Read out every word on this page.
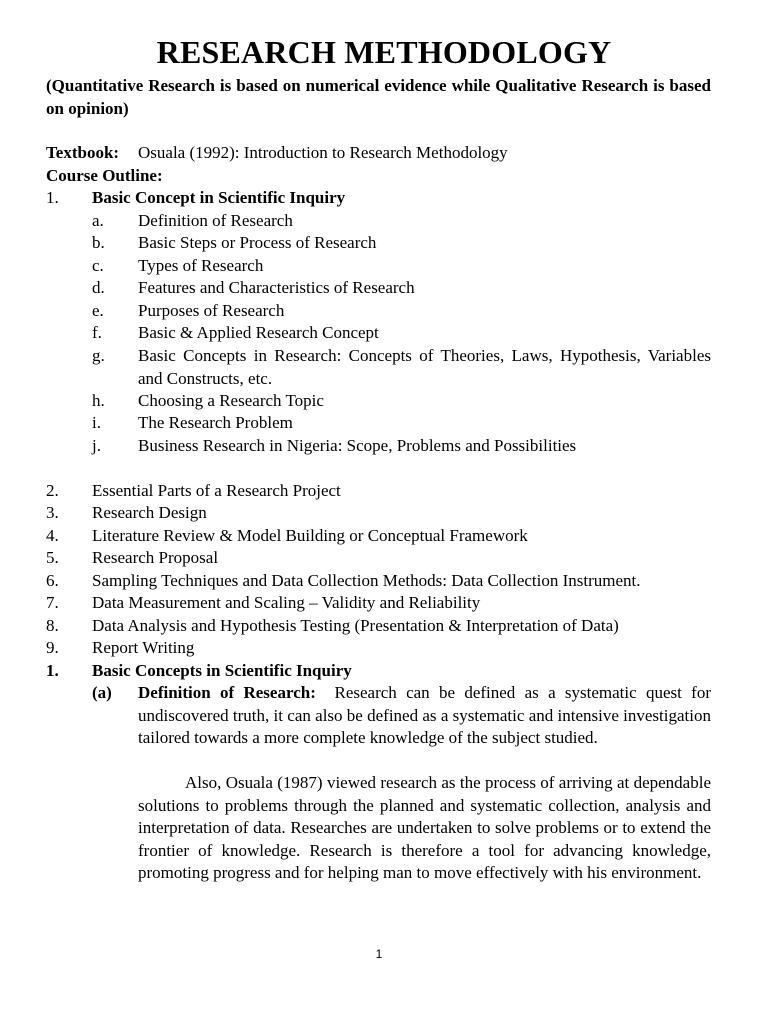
RESEARCH METHODOLOGY
(Quantitative Research is based on numerical evidence while Qualitative Research is based on opinion)
Textbook: Osuala (1992): Introduction to Research Methodology
Course Outline:
1. Basic Concept in Scientific Inquiry
a. Definition of Research
b. Basic Steps or Process of Research
c. Types of Research
d. Features and Characteristics of Research
e. Purposes of Research
f. Basic & Applied Research Concept
g. Basic Concepts in Research: Concepts of Theories, Laws, Hypothesis, Variables and Constructs, etc.
h. Choosing a Research Topic
i. The Research Problem
j. Business Research in Nigeria: Scope, Problems and Possibilities
2. Essential Parts of a Research Project
3. Research Design
4. Literature Review & Model Building or Conceptual Framework
5. Research Proposal
6. Sampling Techniques and Data Collection Methods: Data Collection Instrument.
7. Data Measurement and Scaling – Validity and Reliability
8. Data Analysis and Hypothesis Testing (Presentation & Interpretation of Data)
9. Report Writing
1. Basic Concepts in Scientific Inquiry
(a) Definition of Research: Research can be defined as a systematic quest for undiscovered truth, it can also be defined as a systematic and intensive investigation tailored towards a more complete knowledge of the subject studied.
Also, Osuala (1987) viewed research as the process of arriving at dependable solutions to problems through the planned and systematic collection, analysis and interpretation of data. Researches are undertaken to solve problems or to extend the frontier of knowledge. Research is therefore a tool for advancing knowledge, promoting progress and for helping man to move effectively with his environment.
1
